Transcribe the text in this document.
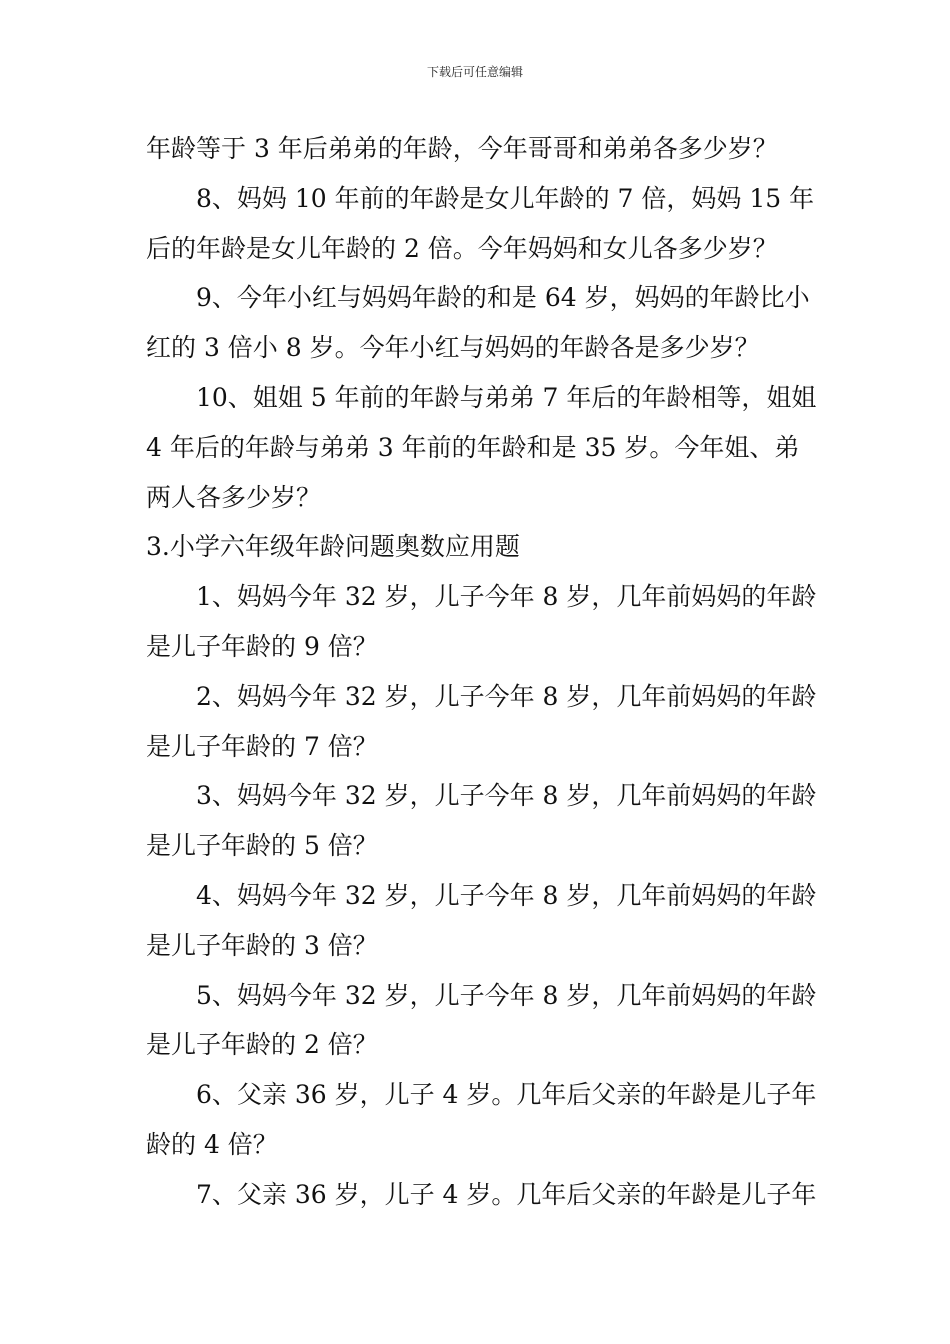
下载后可任意编辑
年龄等于 3 年后弟弟的年龄，今年哥哥和弟弟各多少岁？
8、妈妈 10 年前的年龄是女儿年龄的 7 倍，妈妈 15 年
后的年龄是女儿年龄的 2 倍。今年妈妈和女儿各多少岁？
9、今年小红与妈妈年龄的和是 64 岁，妈妈的年龄比小
红的 3 倍小 8 岁。今年小红与妈妈的年龄各是多少岁？
10、姐姐 5 年前的年龄与弟弟 7 年后的年龄相等，姐姐
4 年后的年龄与弟弟 3 年前的年龄和是 35 岁。今年姐、弟
两人各多少岁？
3.小学六年级年龄问题奥数应用题
1、妈妈今年 32 岁，儿子今年 8 岁，几年前妈妈的年龄
是儿子年龄的 9 倍？
2、妈妈今年 32 岁，儿子今年 8 岁，几年前妈妈的年龄
是儿子年龄的 7 倍？
3、妈妈今年 32 岁，儿子今年 8 岁，几年前妈妈的年龄
是儿子年龄的 5 倍？
4、妈妈今年 32 岁，儿子今年 8 岁，几年前妈妈的年龄
是儿子年龄的 3 倍？
5、妈妈今年 32 岁，儿子今年 8 岁，几年前妈妈的年龄
是儿子年龄的 2 倍？
6、父亲 36 岁，儿子 4 岁。几年后父亲的年龄是儿子年
龄的 4 倍？
7、父亲 36 岁，儿子 4 岁。几年后父亲的年龄是儿子年
